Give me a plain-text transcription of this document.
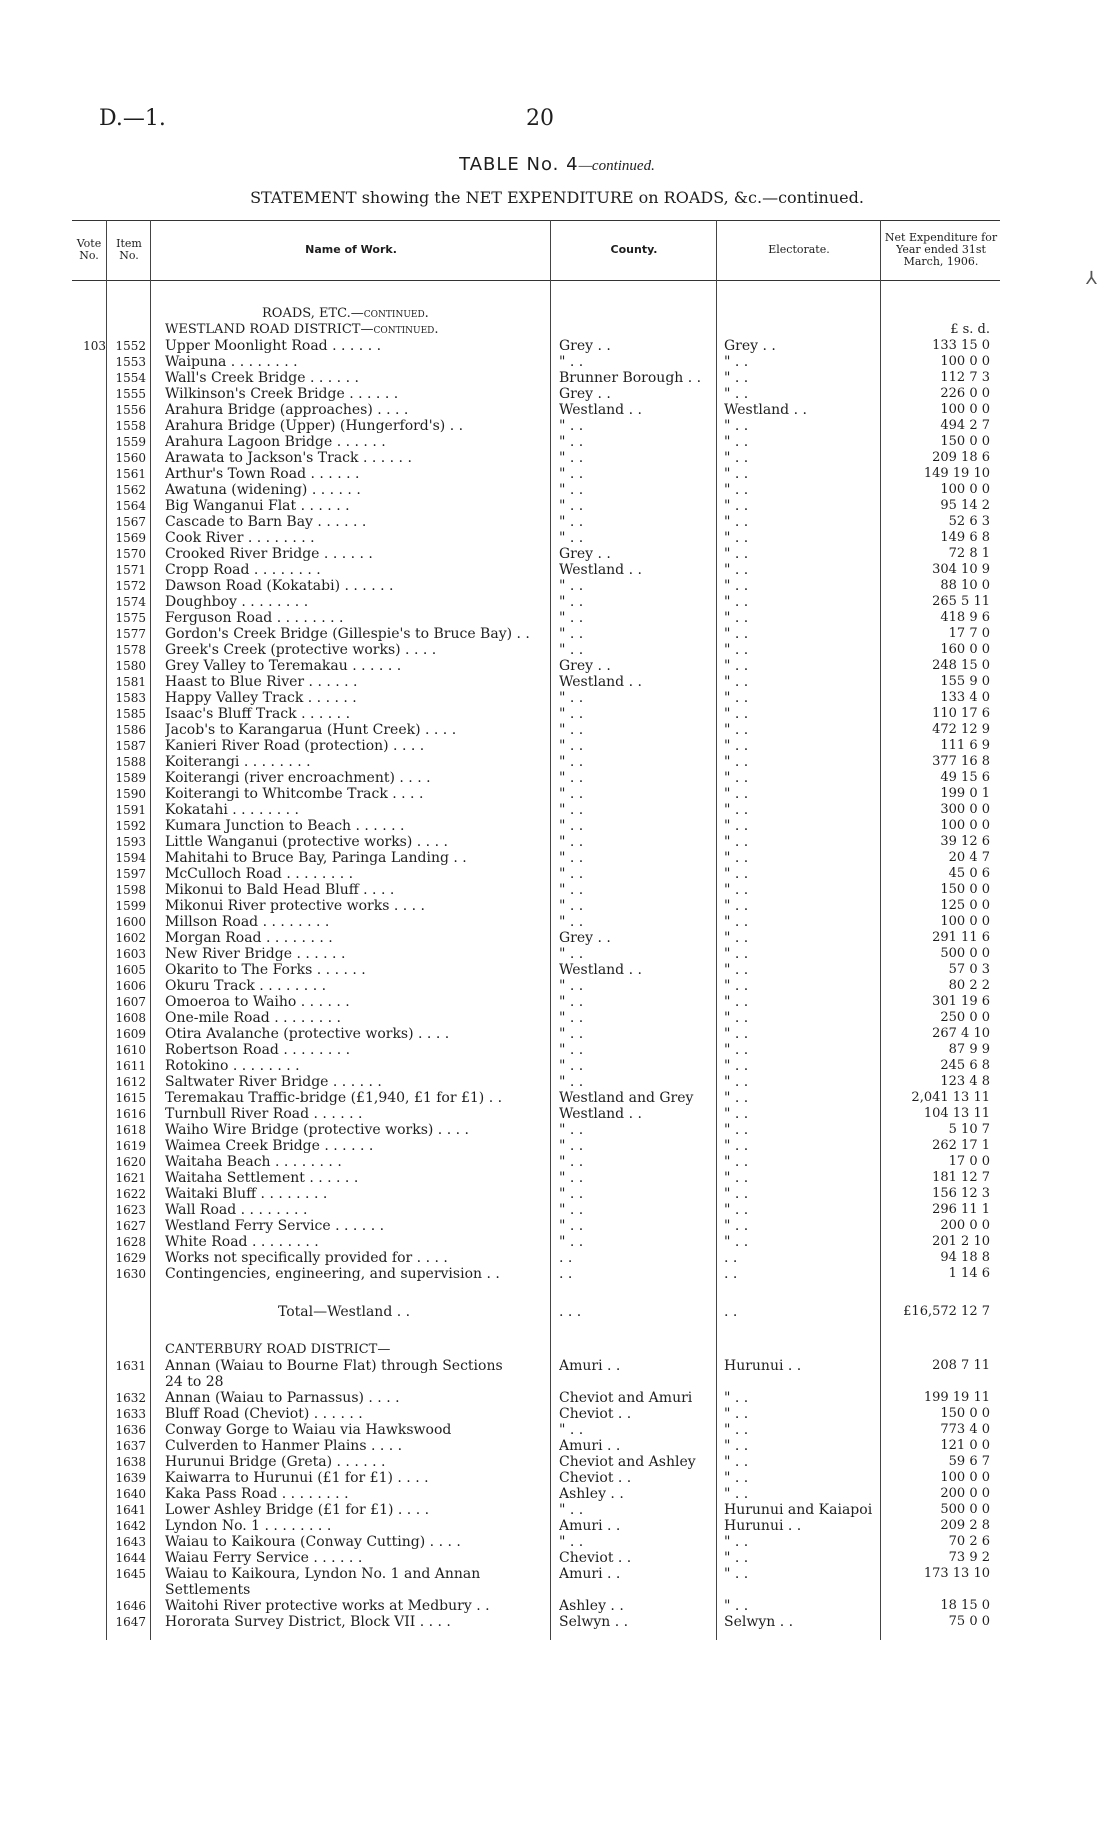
D.—1.	20
TABLE No. 4—continued.
STATEMENT showing the NET EXPENDITURE on ROADS, &c.—continued.
Vote No.
Item No.	Name of Work.	County.	Electorate.
Net Expenditure for Year ended 31st March, 1906.
ROADS, ETC.—continued.
WESTLAND ROAD DISTRICT—continued.	£ s. d.
103 1552 Upper Moonlight Road . . . . . .	Grey . .	Grey . .	133 15 0
1553 Waipuna . . . . . . . .	" . .	" . .	100 0 0
1554 Wall's Creek Bridge . . . . . .	Brunner Borough . .	" . .	112 7 3
1555 Wilkinson's Creek Bridge . . . . . .	Grey . .	" . .	226 0 0
1556 Arahura Bridge (approaches) . . . .	Westland . .	Westland . .	100 0 0
1558 Arahura Bridge (Upper) (Hungerford's) . .	" . .	" . .	494 2 7
1559 Arahura Lagoon Bridge . . . . . .	" . .	" . .	150 0 0
1560 Arawata to Jackson's Track . . . . . .	" . .	" . .	209 18 6
1561 Arthur's Town Road . . . . . .	" . .	" . .	149 19 10
1562 Awatuna (widening) . . . . . .	" . .	" . .	100 0 0
1564 Big Wanganui Flat . . . . . .	" . .	" . .	95 14 2
1567 Cascade to Barn Bay . . . . . .	" . .	" . .	52 6 3
1569 Cook River . . . . . . . .	" . .	" . .	149 6 8
1570 Crooked River Bridge . . . . . .	Grey . .	" . .	72 8 1
1571 Cropp Road . . . . . . . .	Westland . .	" . .	304 10 9
1572 Dawson Road (Kokatabi) . . . . . .	" . .	" . .	88 10 0
1574 Doughboy . . . . . . . .	" . .	" . .	265 5 11
1575 Ferguson Road . . . . . . . .	" . .	" . .	418 9 6
1577 Gordon's Creek Bridge (Gillespie's to Bruce Bay) . .	" . .	" . .	17 7 0
1578 Greek's Creek (protective works) . . . .	" . .	" . .	160 0 0
1580 Grey Valley to Teremakau . . . . . .	Grey . .	" . .	248 15 0
1581 Haast to Blue River . . . . . .	Westland . .	" . .	155 9 0
1583 Happy Valley Track . . . . . .	" . .	" . .	133 4 0
1585 Isaac's Bluff Track . . . . . .	" . .	" . .	110 17 6
1586 Jacob's to Karangarua (Hunt Creek) . . . .	" . .	" . .	472 12 9
1587 Kanieri River Road (protection) . . . .	" . .	" . .	111 6 9
1588 Koiterangi . . . . . . . .	" . .	" . .	377 16 8
1589 Koiterangi (river encroachment) . . . .	" . .	" . .	49 15 6
1590 Koiterangi to Whitcombe Track . . . .	" . .	" . .	199 0 1
1591 Kokatahi . . . . . . . .	" . .	" . .	300 0 0
1592 Kumara Junction to Beach . . . . . .	" . .	" . .	100 0 0
1593 Little Wanganui (protective works) . . . .	" . .	" . .	39 12 6
1594 Mahitahi to Bruce Bay, Paringa Landing . .	" . .	" . .	20 4 7
1597 McCulloch Road . . . . . . . .	" . .	" . .	45 0 6
1598 Mikonui to Bald Head Bluff . . . .	" . .	" . .	150 0 0
1599 Mikonui River protective works . . . .	" . .	" . .	125 0 0
1600 Millson Road . . . . . . . .	" . .	" . .	100 0 0
1602 Morgan Road . . . . . . . .	Grey . .	" . .	291 11 6
1603 New River Bridge . . . . . .	" . .	" . .	500 0 0
1605 Okarito to The Forks . . . . . .	Westland . .	" . .	57 0 3
1606 Okuru Track . . . . . . . .	" . .	" . .	80 2 2
1607 Omoeroa to Waiho . . . . . .	" . .	" . .	301 19 6
1608 One-mile Road . . . . . . . .	" . .	" . .	250 0 0
1609 Otira Avalanche (protective works) . . . .	" . .	" . .	267 4 10
1610 Robertson Road . . . . . . . .	" . .	" . .	87 9 9
1611 Rotokino . . . . . . . .	" . .	" . .	245 6 8
1612 Saltwater River Bridge . . . . . .	" . .	" . .	123 4 8
1615 Teremakau Traffic-bridge (£1,940, £1 for £1) . .	Westland and Grey	" . .	2,041 13 11
1616 Turnbull River Road . . . . . .	Westland . .	" . .	104 13 11
1618 Waiho Wire Bridge (protective works) . . . .	" . .	" . .	5 10 7
1619 Waimea Creek Bridge . . . . . .	" . .	" . .	262 17 1
1620 Waitaha Beach . . . . . . . .	" . .	" . .	17 0 0
1621 Waitaha Settlement . . . . . .	" . .	" . .	181 12 7
1622 Waitaki Bluff . . . . . . . .	" . .	" . .	156 12 3
1623 Wall Road . . . . . . . .	" . .	" . .	296 11 1
1627 Westland Ferry Service . . . . . .	" . .	" . .	200 0 0
1628 White Road . . . . . . . .	" . .	" . .	201 2 10
1629 Works not specifically provided for . . . .	. .	. .	94 18 8
1630 Contingencies, engineering, and supervision . .	. .	. .	1 14 6
Total—Westland . .	. . .	. .	£16,572 12 7
CANTERBURY ROAD DISTRICT—
1631 Annan (Waiau to Bourne Flat) through Sections 24 to 28
Amuri . .	Hurunui . .	208 7 11
1632 Annan (Waiau to Parnassus) . . . .	Cheviot and Amuri	" . .	199 19 11
1633 Bluff Road (Cheviot) . . . . . .	Cheviot . .	" . .	150 0 0
1636 Conway Gorge to Waiau via Hawkswood	" . .	" . .	773 4 0
1637 Culverden to Hanmer Plains . . . .	Amuri . .	" . .	121 0 0
1638 Hurunui Bridge (Greta) . . . . . .	Cheviot and Ashley	" . .	59 6 7
1639 Kaiwarra to Hurunui (£1 for £1) . . . .	Cheviot . .	" . .	100 0 0
1640 Kaka Pass Road . . . . . . . .	Ashley . .	" . .	200 0 0
1641 Lower Ashley Bridge (£1 for £1) . . . .	" . .	Hurunui and Kaiapoi	500 0 0
1642 Lyndon No. 1 . . . . . . . .	Amuri . .	Hurunui . .	209 2 8
1643 Waiau to Kaikoura (Conway Cutting) . . . .	" . .	" . .	70 2 6
1644 Waiau Ferry Service . . . . . .	Cheviot . .	" . .	73 9 2
1645 Waiau to Kaikoura, Lyndon No. 1 and Annan Settlements
Amuri . .	" . .	173 13 10
1646 Waitohi River protective works at Medbury . .	Ashley . .	" . .	18 15 0
1647 Hororata Survey District, Block VII . . . .	Selwyn . .	Selwyn . .	75 0 0
⅄
